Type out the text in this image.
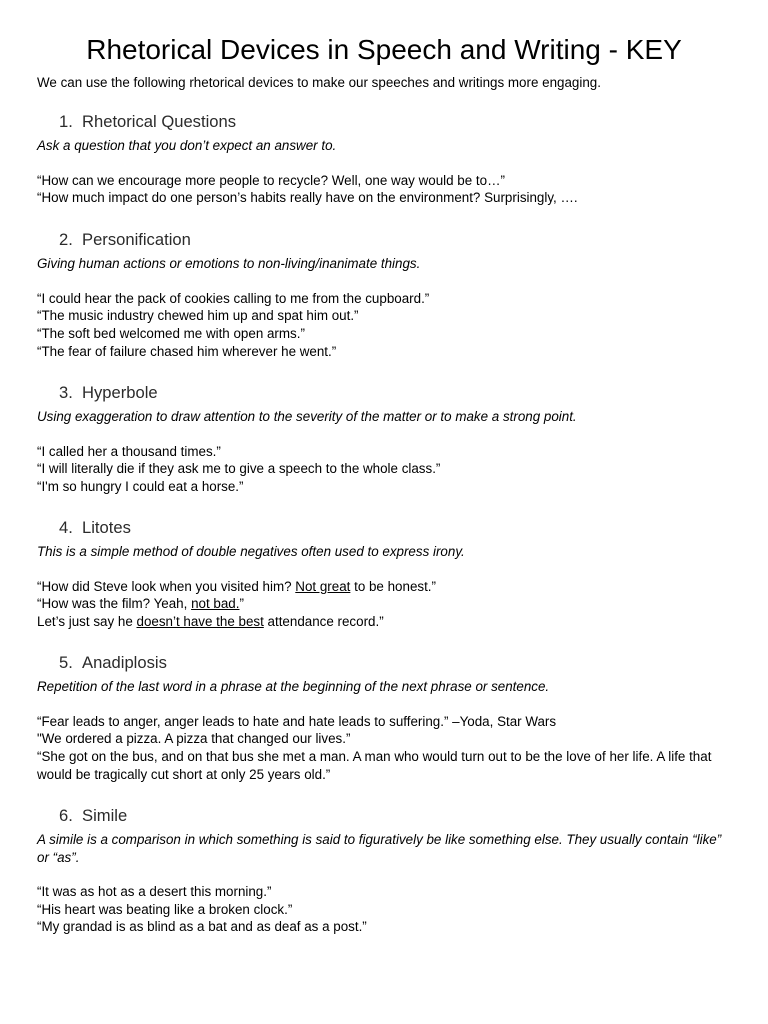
Rhetorical Devices in Speech and Writing - KEY

We can use the following rhetorical devices to make our speeches and writings more engaging.

1. Rhetorical Questions

Ask a question that you don’t expect an answer to.

“How can we encourage more people to recycle? Well, one way would be to…”
“How much impact do one person’s habits really have on the environment? Surprisingly, ….
2. Personification

Giving human actions or emotions to non-living/inanimate things.

“I could hear the pack of cookies calling to me from the cupboard.”
“The music industry chewed him up and spat him out.”
“The soft bed welcomed me with open arms.”
“The fear of failure chased him wherever he went.”
3. Hyperbole

Using exaggeration to draw attention to the severity of the matter or to make a strong point.

“I called her a thousand times.”
“I will literally die if they ask me to give a speech to the whole class.”
“I'm so hungry I could eat a horse.”
4. Litotes

This is a simple method of double negatives often used to express irony.

“How did Steve look when you visited him? Not great to be honest.”
“How was the film? Yeah, not bad.”
Let’s just say he doesn’t have the best attendance record.”
5. Anadiplosis

Repetition of the last word in a phrase at the beginning of the next phrase or sentence.

“Fear leads to anger, anger leads to hate and hate leads to suffering.” –Yoda, Star Wars
"We ordered a pizza. A pizza that changed our lives.”
“She got on the bus, and on that bus she met a man. A man who would turn out to be the love of her life. A life that would be tragically cut short at only 25 years old.”
6. Simile

A simile is a comparison in which something is said to figuratively be like something else. They usually contain “like” or “as”.

“It was as hot as a desert this morning.”
“His heart was beating like a broken clock.”
“My grandad is as blind as a bat and as deaf as a post.”
